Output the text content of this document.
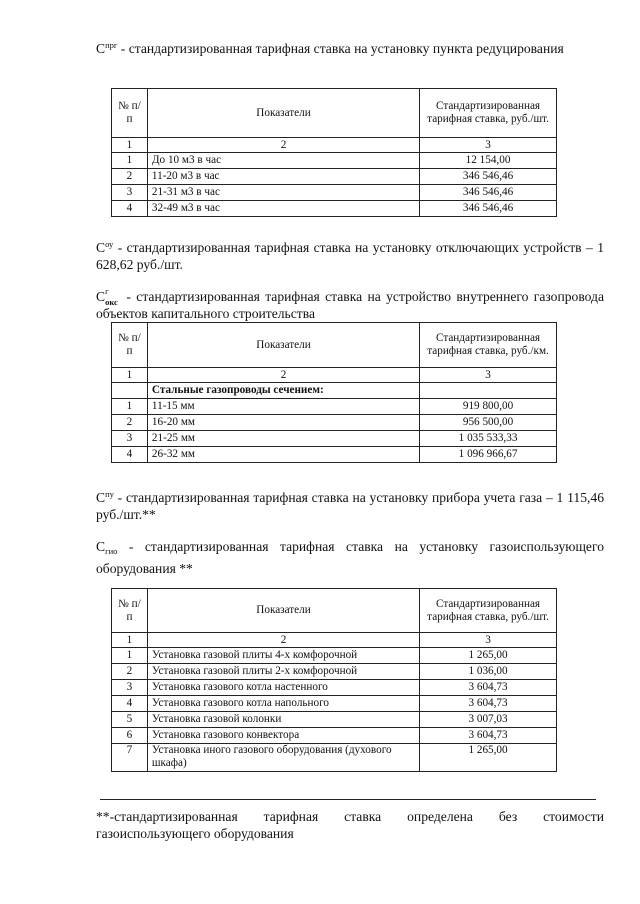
$C^{прг}$ - стандартизированная тарифная ставка на установку пункта редуцирования
№ п/п	Показатели	Стандартизированная тарифная ставка, руб./шт.
1	2	3
1	До 10 м3 в час	12 154,00
2	11-20 м3 в час	346 546,46
3	21-31 м3 в час	346 546,46
4	32-49 м3 в час	346 546,46
$C^{оу}$ - стандартизированная тарифная ставка на установку отключающих устройств – 1 628,62 руб./шт.
C г
окс - стандартизированная тарифная ставка на устройство внутреннего газопровода объектов капитального строительства
№ п/п	Показатели	Стандартизированная тарифная ставка, руб./км.
1	2	3
	Стальные газопроводы сечением:	
1	11-15 мм	919 800,00
2	16-20 мм	956 500,00
3	21-25 мм	1 035 533,33
4	26-32 мм	1 096 966,67
$C^{пу}$ - стандартизированная тарифная ставка на установку прибора учета газа – 1 115,46 руб./шт.**
$C_{гио}$ - стандартизированная тарифная ставка на установку газоиспользующего оборудования **
№ п/п	Показатели	Стандартизированная тарифная ставка, руб./шт.
1	2	3
1	Установка газовой плиты 4-х комфорочной	1 265,00
2	Установка газовой плиты 2-х комфорочной	1 036,00
3	Установка газового котла настенного	3 604,73
4	Установка газового котла напольного	3 604,73
5	Установка газовой колонки	3 007,03
6	Установка газового конвектора	3 604,73
7	Установка иного газового оборудования (духового шкафа)	1 265,00
**-стандартизированная тарифная ставка определена без стоимости газоиспользующего оборудования
